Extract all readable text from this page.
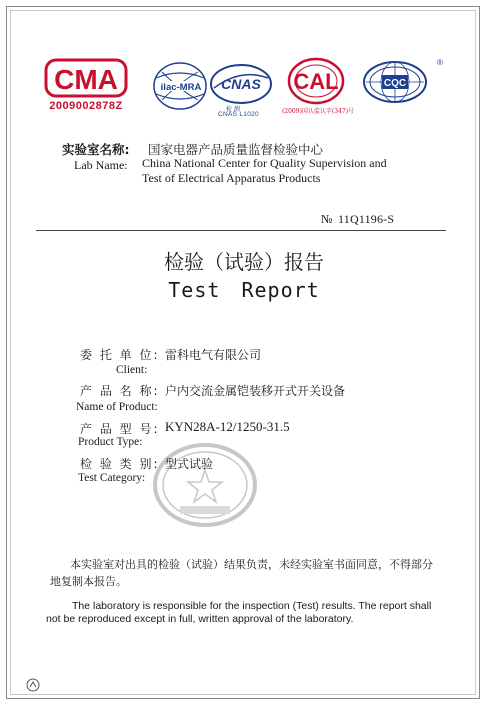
CMA
2009002878Z
ilac-MRA CNAS
检 测
CNAS L1020
CAL
(2009)国认监认字(347)号
CQC
®
实验室名称: 国家电器产品质量监督检验中心
Lab Name: China National Center for Quality Supervision and Test of Electrical Apparatus Products
№ 11Q1196-S
检验（试验）报告
Test Report
委 托 单 位: 雷科电气有限公司
Client:
产 品 名 称: 户内交流金属铠装移开式开关设备
Name of Product:
产 品 型 号: KYN28A-12/1250-31.5
Product Type:
检 验 类 别: 型式试验
Test Category:
本实验室对出具的检验（试验）结果负责，未经实验室书面同意，不得部分地复制本报告。
The laboratory is responsible for the inspection (Test) results. The report shall not be reproduced except in full, written approval of the laboratory.
